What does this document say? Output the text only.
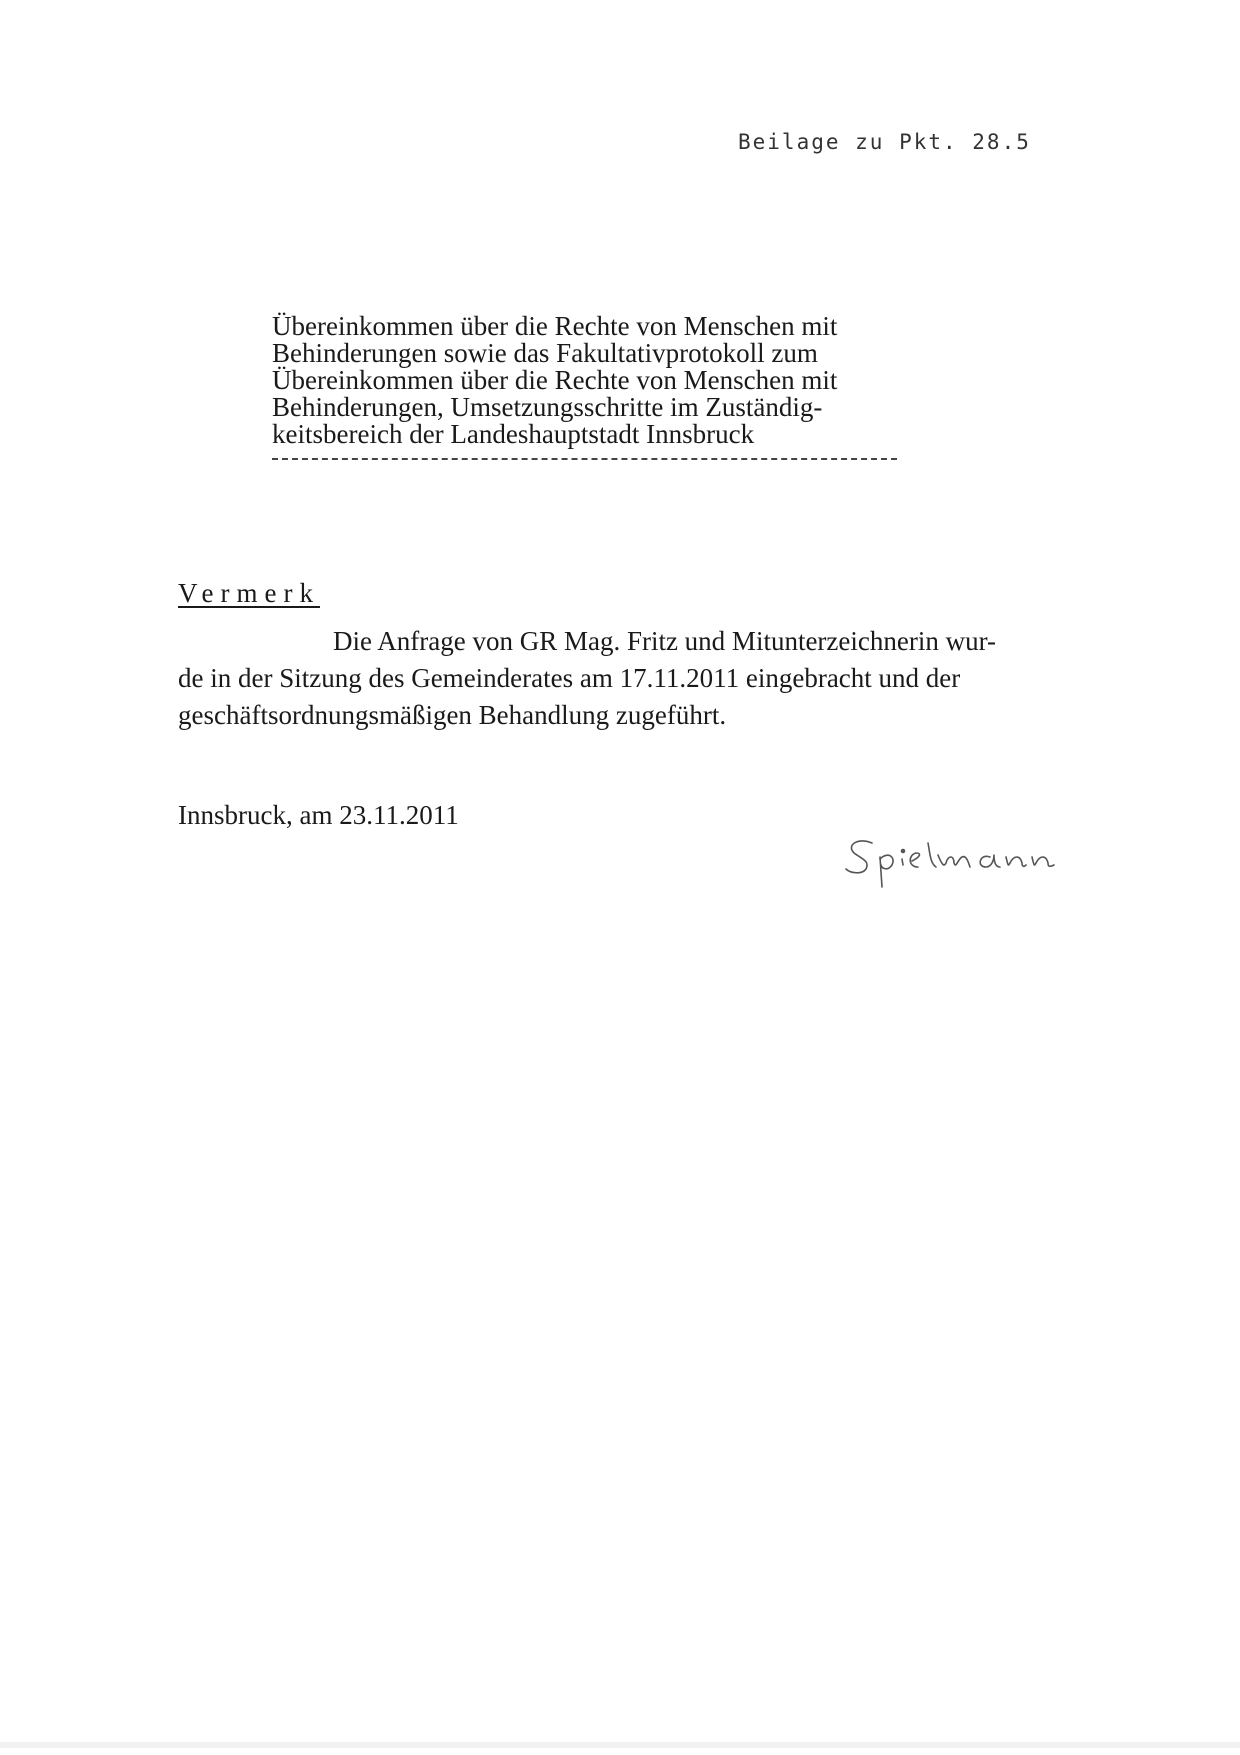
Beilage zu Pkt. 28.5
Übereinkommen über die Rechte von Menschen mit
Behinderungen sowie das Fakultativprotokoll zum
Übereinkommen über die Rechte von Menschen mit
Behinderungen, Umsetzungsschritte im Zuständig-
keitsbereich der Landeshauptstadt Innsbruck
Vermerk
Die Anfrage von GR Mag. Fritz und Mitunterzeichnerin wur-
de in der Sitzung des Gemeinderates am 17.11.2011 eingebracht und der
geschäftsordnungsmäßigen Behandlung zugeführt.
Innsbruck, am 23.11.2011
